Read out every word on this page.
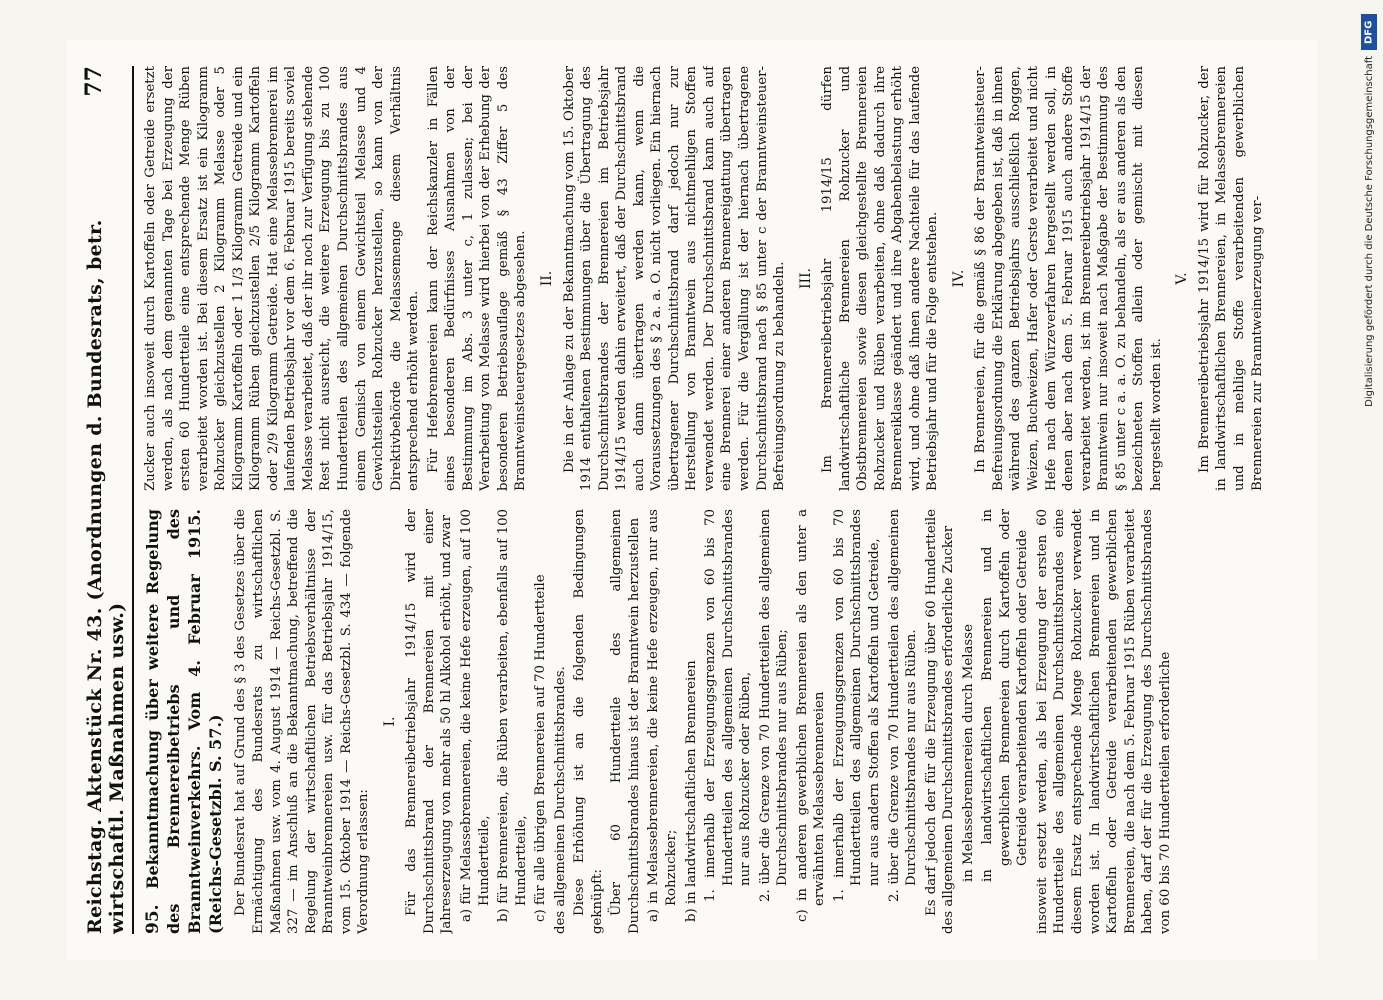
Reichstag. Aktenstück Nr. 43. (Anordnungen d. Bundesrats, betr. wirtschaftl. Maßnahmen usw.)
77
95. Bekanntmachung über weitere Regelung des Brennereibetriebs und des Branntweinverkehrs. Vom 4. Februar 1915. (Reichs-Gesetzbl. S. 57.) Der Bundesrat hat auf Grund des § 3 des Gesetzes über die Ermächtigung des Bundesrats zu wirtschaftlichen Maßnahmen usw. vom 4. August 1914 — Reichs-Gesetzbl. S. 327 — im Anschluß an die Bekanntmachung, betreffend die Regelung der wirtschaftlichen Betriebsverhältnisse der Branntweinbrennereien usw. für das Betriebsjahr 1914/15, vom 15. Oktober 1914 — Reichs-Gesetzbl. S. 434 — folgende Verordnung erlassen:

I. Für das Brennereibetriebsjahr 1914/15 wird der Durchschnittsbrand der Brennereien mit einer Jahreserzeugung von mehr als 50 hl Alkohol erhöht, und zwar a) für Melassebrennereien, die keine Hefe erzeugen, auf 100 Hundertteile, b) für Brennereien, die Rüben verarbeiten, ebenfalls auf 100 Hundertteile, c) für alle übrigen Brennereien auf 70 Hundertteile des allgemeinen Durchschnittsbrandes. Diese Erhöhung ist an die folgenden Bedingungen geknüpft: Über 60 Hundertteile des allgemeinen Durchschnittsbrandes hinaus ist der Branntwein herzustellen a) in Melassebrennereien, die keine Hefe erzeugen, nur aus Rohzucker; b) in landwirtschaftlichen Brennereien 1. innerhalb der Erzeugungsgrenzen von 60 bis 70 Hundertteilen des allgemeinen Durchschnittsbrandes nur aus Rohzucker oder Rüben, 2. über die Grenze von 70 Hundertteilen des allgemeinen Durchschnittsbrandes nur aus Rüben; c) in anderen gewerblichen Brennereien als den unter a erwähnten Melassebrennereien 1. innerhalb der Erzeugungsgrenzen von 60 bis 70 Hundertteilen des allgemeinen Durchschnittsbrandes nur aus andern Stoffen als Kartoffeln und Getreide, 2. über die Grenze von 70 Hundertteilen des allgemeinen Durchschnittsbrandes nur aus Rüben. Es darf jedoch der für die Erzeugung über 60 Hundertteile des allgemeinen Durchschnittsbrandes erforderliche Zucker in Melassebrennereien durch Melasse in landwirtschaftlichen Brennereien und in gewerblichen Brennereien durch Kartoffeln oder Getreide verarbeitenden Kartoffeln oder Getreide insoweit ersetzt werden, als bei Erzeugung der ersten 60 Hundertteile des allgemeinen Durchschnittsbrandes eine diesem Ersatz entsprechende Menge Rohzucker verwendet worden ist. In landwirtschaftlichen Brennereien und in Kartoffeln oder Getreide verarbeitenden gewerblichen Brennereien, die nach dem 5. Februar 1915 Rüben verarbeitet haben, darf der für die Erzeugung des Durchschnittsbrandes von 60 bis 70 Hundertteilen erforderliche

Zucker auch insoweit durch Kartoffeln oder Getreide ersetzt werden, als nach dem genannten Tage bei Erzeugung der ersten 60 Hundertteile eine entsprechende Menge Rüben verarbeitet worden ist. Bei diesem Ersatz ist ein Kilogramm Rohzucker gleichzustellen 2 Kilogramm Melasse oder 5 Kilogramm Kartoffeln oder 1 1/3 Kilogramm Getreide und ein Kilogramm Rüben gleichzustellen 2/5 Kilogramm Kartoffeln oder 2/9 Kilogramm Getreide. Hat eine Melassebrennerei im laufenden Betriebsjahr vor dem 6. Februar 1915 bereits soviel Melasse verarbeitet, daß der ihr noch zur Verfügung stehende Rest nicht ausreicht, die weitere Erzeugung bis zu 100 Hundertteilen des allgemeinen Durchschnittsbrandes aus einem Gemisch von einem Gewichtsteil Melasse und 4 Gewichtsteilen Rohzucker herzustellen, so kann von der Direktivbehörde die Melassemenge diesem Verhältnis entsprechend erhöht werden. Für Hefebrennereien kann der Reichskanzler in Fällen eines besonderen Bedürfnisses Ausnahmen von der Bestimmung im Abs. 3 unter c, 1 zulassen; bei der Verarbeitung von Melasse wird hierbei von der Erhebung der besonderen Betriebsauflage gemäß § 43 Ziffer 5 des Branntweinsteuergesetzes abgesehen. II. Die in der Anlage zu der Bekanntmachung vom 15. Oktober 1914 enthaltenen Bestimmungen über die Übertragung des Durchschnittsbrandes der Brennereien im Betriebsjahr 1914/15 werden dahin erweitert, daß der Durchschnittsbrand auch dann übertragen werden kann, wenn die Voraussetzungen des § 2 a. a. O. nicht vorliegen. Ein hiernach übertragener Durchschnittsbrand darf jedoch nur zur Herstellung von Branntwein aus nichtmehligen Stoffen verwendet werden. Der Durchschnittsbrand kann auch auf eine Brennerei einer anderen Brennereigattung übertragen werden. Für die Vergällung ist der hiernach übertragene Durchschnittsbrand nach § 85 unter c der Branntweinsteuer-Befreiungsordnung zu behandeln. III. Im Brennereibetriebsjahr 1914/15 dürfen landwirtschaftliche Brennereien Rohzucker und Obstbrennereien sowie diesen gleichgestellte Brennereien Rohzucker und Rüben verarbeiten, ohne daß dadurch ihre Brennereiklasse geändert und ihre Abgabenbelastung erhöht wird, und ohne daß ihnen andere Nachteile für das laufende Betriebsjahr und für die Folge entstehen. IV. In Brennereien, für die gemäß § 86 der Branntweinsteuer-Befreiungsordnung die Erklärung abgegeben ist, daß in ihnen während des ganzen Betriebsjahrs ausschließlich Roggen, Weizen, Buchweizen, Hafer oder Gerste verarbeitet und nicht Hefe nach dem Würzeverfahren hergestellt werden soll, in denen aber nach dem 5. Februar 1915 auch andere Stoffe verarbeitet werden, ist im Brennereibetriebsjahr 1914/15 der Branntwein nur insoweit nach Maßgabe der Bestimmung des § 85 unter c a. a. O. zu behandeln, als er aus anderen als den bezeichneten Stoffen allein oder gemischt mit diesen hergestellt worden ist.

V. Im Brennereibetriebsjahr 1914/15 wird für Rohzucker, der in landwirtschaftlichen Brennereien, in Melassebrennereien und in mehlige Stoffe verarbeitenden gewerblichen Brennereien zur Branntweinerzeugung ver-

DFG
Digitalisierung gefördert durch die Deutsche Forschungsgemeinschaft
